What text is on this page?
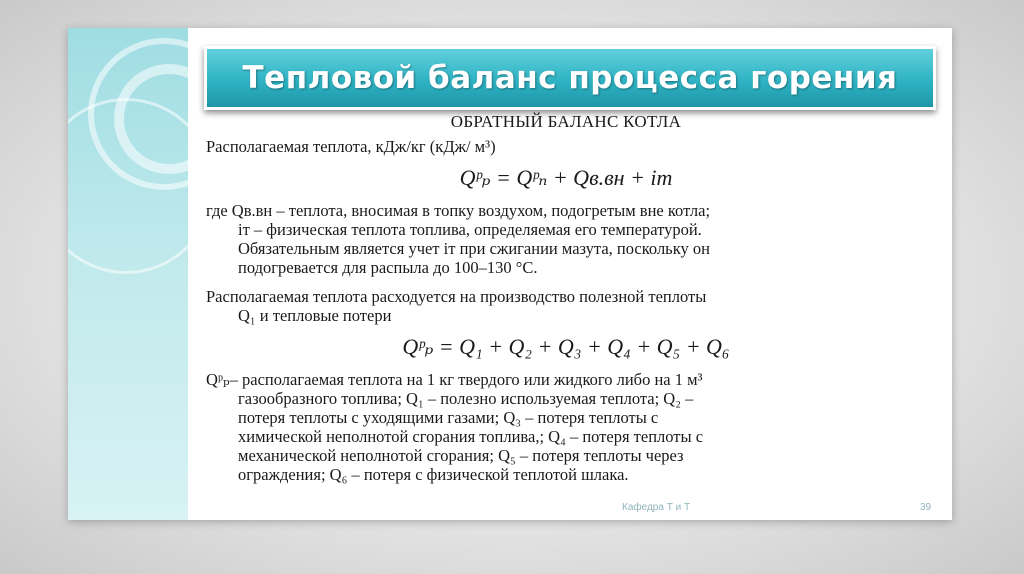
Тепловой баланс процесса горения
ОБРАТНЫЙ БАЛАНС КОТЛА

Располагаемая теплота, кДж/кг (кДж/ м³)

Qᵖₚ = Qᵖₙ + Qв.вн + iт

где Qв.вн – теплота, вносимая в топку воздухом, подогретым вне котла;

iт – физическая теплота топлива, определяемая его температурой.

Обязательным является учет iт при сжигании мазута, поскольку он

подогревается для распыла до 100–130 °С.

Располагаемая теплота расходуется на производство полезной теплоты

Q₁ и тепловые потери

Qᵖₚ = Q₁ + Q₂ + Q₃ + Q₄ + Q₅ + Q₆

Qᵖₚ– располагаемая теплота на 1 кг твердого или жидкого либо на 1 м³

газообразного топлива; Q₁ – полезно используемая теплота; Q₂ –

потеря теплоты с уходящими газами; Q₃ – потеря теплоты с

химической неполнотой сгорания топлива,; Q₄ – потеря теплоты с

механической неполнотой сгорания; Q₅ – потеря теплоты через

ограждения; Q₆ – потеря с физической теплотой шлака.

Кафедра Т и Т	39
